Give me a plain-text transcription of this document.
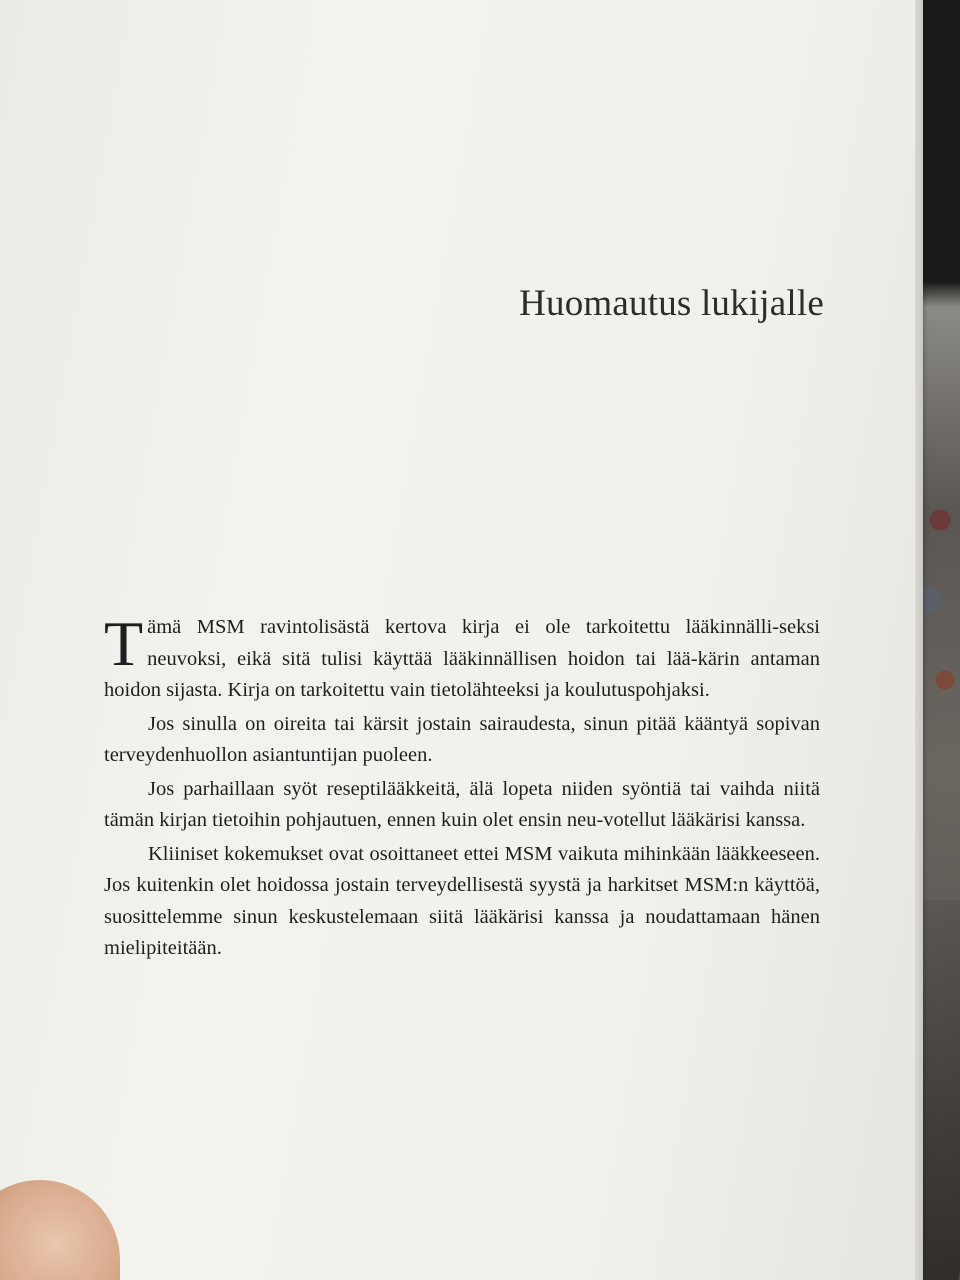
Huomautus lukijalle

Tämä MSM ravintolisästä kertova kirja ei ole tarkoitettu lääkinnälli-seksi neuvoksi, eikä sitä tulisi käyttää lääkinnällisen hoidon tai lää-kärin antaman hoidon sijasta. Kirja on tarkoitettu vain tietolähteeksi ja koulutuspohjaksi.

Jos sinulla on oireita tai kärsit jostain sairaudesta, sinun pitää kääntyä sopivan terveydenhuollon asiantuntijan puoleen.

Jos parhaillaan syöt reseptilääkkeitä, älä lopeta niiden syöntiä tai vaihda niitä tämän kirjan tietoihin pohjautuen, ennen kuin olet ensin neu-votellut lääkärisi kanssa.

Kliiniset kokemukset ovat osoittaneet ettei MSM vaikuta mihinkään lääkkeeseen. Jos kuitenkin olet hoidossa jostain terveydellisestä syystä ja harkitset MSM:n käyttöä, suosittelemme sinun keskustelemaan siitä lääkärisi kanssa ja noudattamaan hänen mielipiteitään.
